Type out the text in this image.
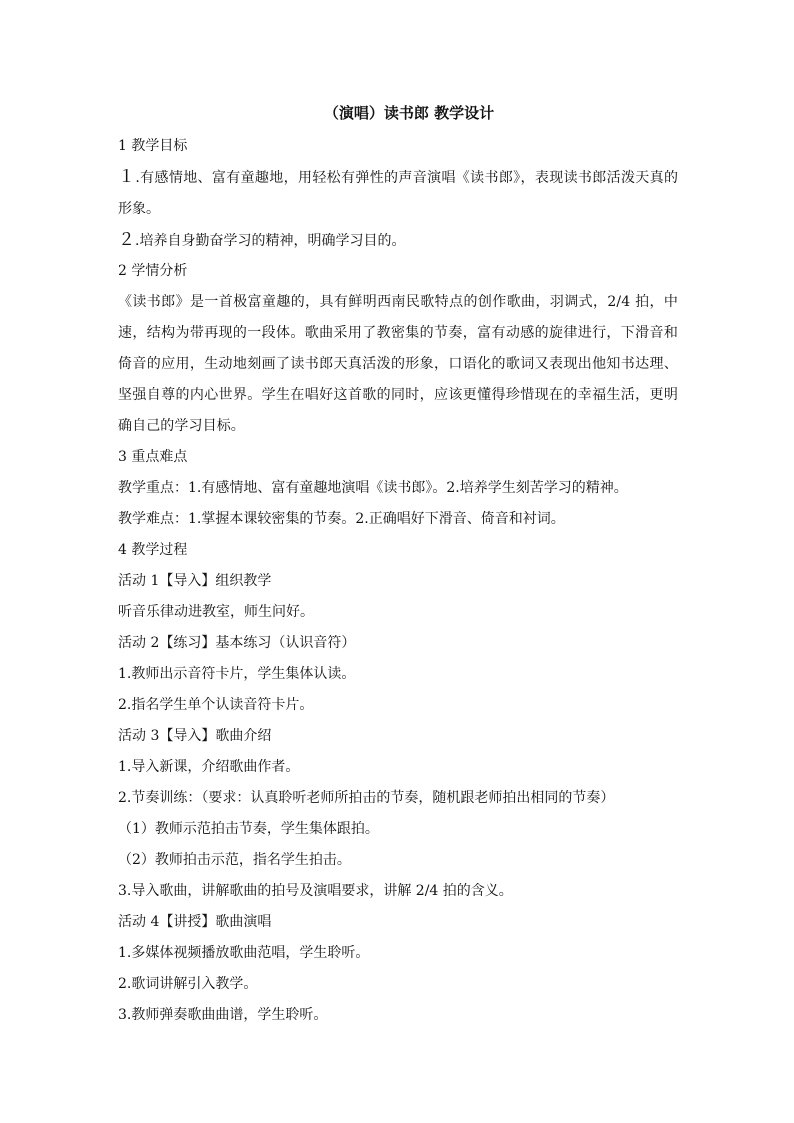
（演唱）读书郎 教学设计

1 教学目标

１.有感情地、富有童趣地，用轻松有弹性的声音演唱《读书郎》，表现读书郎活泼天真的形象。

２.培养自身勤奋学习的精神，明确学习目的。

2 学情分析

《读书郎》是一首极富童趣的，具有鲜明西南民歌特点的创作歌曲，羽调式，2/4 拍，中速，结构为带再现的一段体。歌曲采用了教密集的节奏，富有动感的旋律进行，下滑音和倚音的应用，生动地刻画了读书郎天真活泼的形象，口语化的歌词又表现出他知书达理、坚强自尊的内心世界。学生在唱好这首歌的同时，应该更懂得珍惜现在的幸福生活，更明确自己的学习目标。

3 重点难点

教学重点：1.有感情地、富有童趣地演唱《读书郎》。2.培养学生刻苦学习的精神。

教学难点：1.掌握本课较密集的节奏。2.正确唱好下滑音、倚音和衬词。

4 教学过程

活动 1【导入】组织教学

听音乐律动进教室，师生问好。

活动 2【练习】基本练习（认识音符）

1.教师出示音符卡片，学生集体认读。

2.指名学生单个认读音符卡片。

活动 3【导入】歌曲介绍

1.导入新课，介绍歌曲作者。

2.节奏训练：（要求：认真聆听老师所拍击的节奏，随机跟老师拍出相同的节奏）

（1）教师示范拍击节奏，学生集体跟拍。

（2）教师拍击示范，指名学生拍击。

3.导入歌曲，讲解歌曲的拍号及演唱要求，讲解 2/4 拍的含义。

活动 4【讲授】歌曲演唱

1.多媒体视频播放歌曲范唱，学生聆听。

2.歌词讲解引入教学。

3.教师弹奏歌曲曲谱，学生聆听。
